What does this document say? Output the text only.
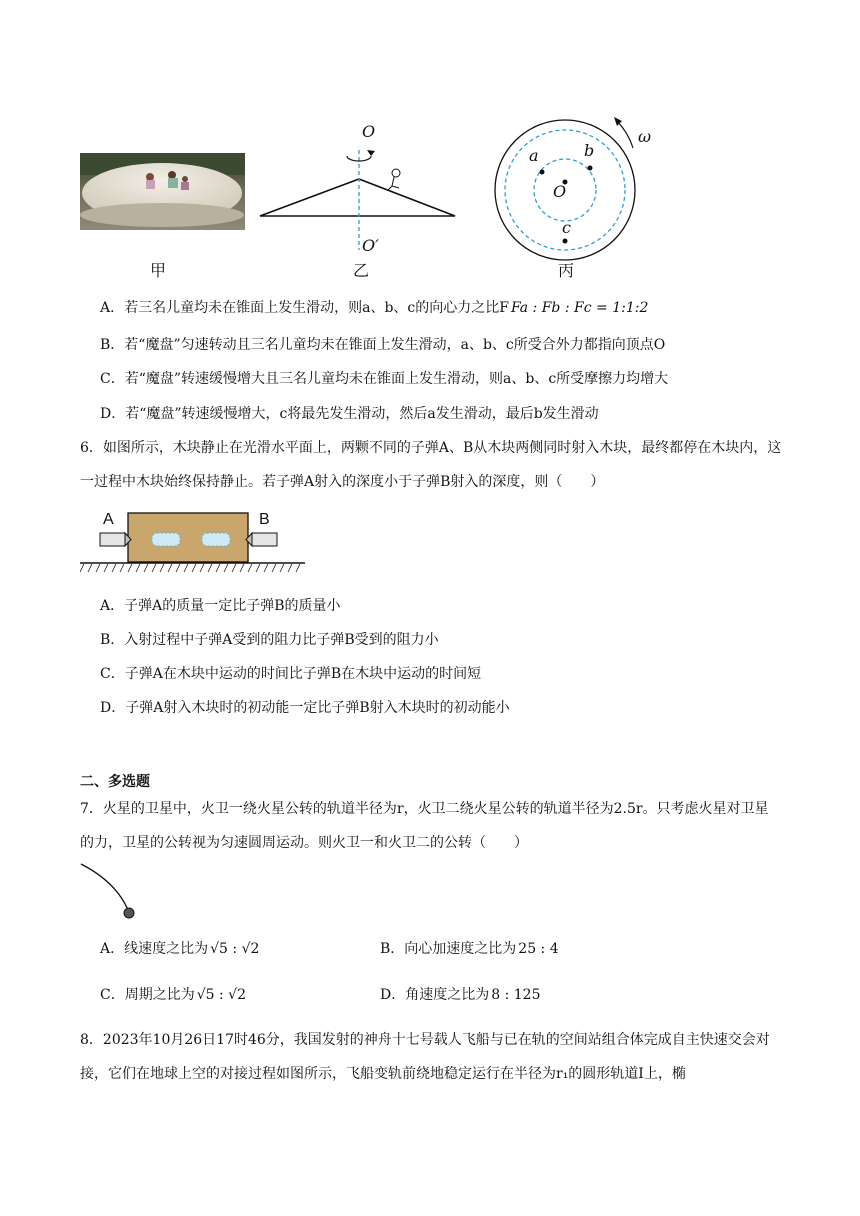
O
O′
a	b
O
c
ω
甲	乙	丙
A．若三名儿童均未在锥面上发生滑动，则a、b、c的向心力之比F Fa : Fb : Fc = 1:1:2
B．若“魔盘”匀速转动且三名儿童均未在锥面上发生滑动，a、b、c所受合外力都指向顶点O
C．若“魔盘”转速缓慢增大且三名儿童均未在锥面上发生滑动，则a、b、c所受摩擦力均增大
D．若“魔盘”转速缓慢增大，c将最先发生滑动，然后a发生滑动，最后b发生滑动
6．如图所示，木块静止在光滑水平面上，两颗不同的子弹A、B从木块两侧同时射入木块，最终都停在木块内，这一过程中木块始终保持静止。若子弹A射入的深度小于子弹B射入的深度，则（　　）
A	B
A．子弹A的质量一定比子弹B的质量小
B．入射过程中子弹A受到的阻力比子弹B受到的阻力小
C．子弹A在木块中运动的时间比子弹B在木块中运动的时间短
D．子弹A射入木块时的初动能一定比子弹B射入木块时的初动能小
二、多选题
7．火星的卫星中，火卫一绕火星公转的轨道半径为r，火卫二绕火星公转的轨道半径为2.5r。只考虑火星对卫星的力，卫星的公转视为匀速圆周运动。则火卫一和火卫二的公转（　　）
A．线速度之比为 √5 : √2	B．向心加速度之比为 25 : 4
C．周期之比为 √5 : √2	D．角速度之比为 8 : 125
8．2023年10月26日17时46分，我国发射的神舟十七号载人飞船与已在轨的空间站组合体完成自主快速交会对接，它们在地球上空的对接过程如图所示，飞船变轨前绕地稳定运行在半径为r₁的圆形轨道Ⅰ上，椭
